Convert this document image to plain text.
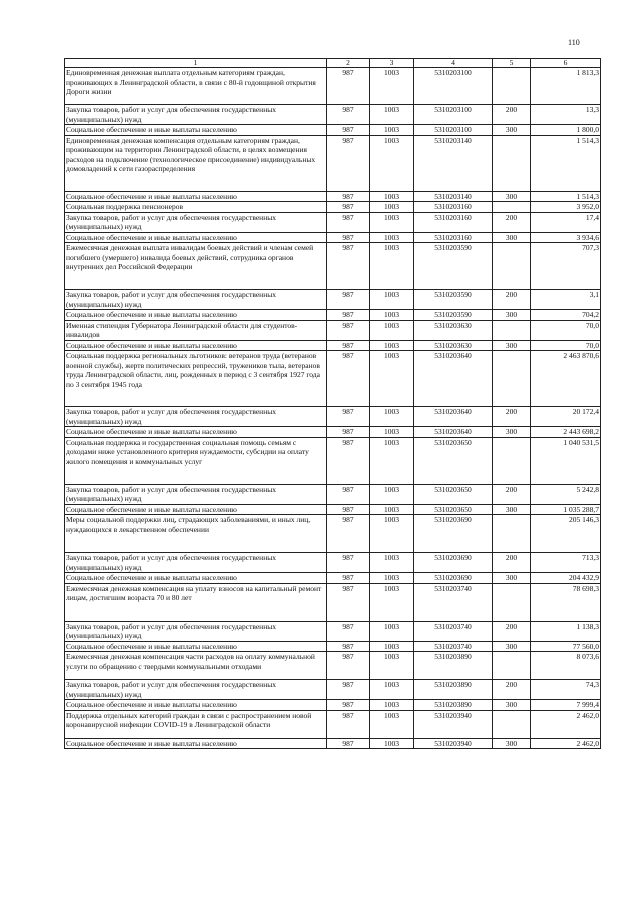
110
1	2	3	4	5	6
Единовременная денежная выплата отдельным категориям граждан, проживающих в Ленинградской области, в связи с 80-й годовщиной открытия Дороги жизни	987	1003	5310203100		1 813,3
Закупка товаров, работ и услуг для обеспечения государственных (муниципальных) нужд	987	1003	5310203100	200	13,3
Социальное обеспечение и иные выплаты населению	987	1003	5310203100	300	1 800,0
Единовременная денежная компенсация отдельным категориям граждан, проживающим на территории Ленинградской области, в целях возмещения расходов на подключение (технологическое присоединение) индивидуальных домовладений к сети газораспределения	987	1003	5310203140		1 514,3
Социальное обеспечение и иные выплаты населению	987	1003	5310203140	300	1 514,3
Социальная поддержка пенсионеров	987	1003	5310203160		3 952,0
Закупка товаров, работ и услуг для обеспечения государственных (муниципальных) нужд	987	1003	5310203160	200	17,4
Социальное обеспечение и иные выплаты населению	987	1003	5310203160	300	3 934,6
Ежемесячная денежная выплата инвалидам боевых действий и членам семей погибшего (умершего) инвалида боевых действий, сотрудника органов внутренних дел Российской Федерации	987	1003	5310203590		707,3
Закупка товаров, работ и услуг для обеспечения государственных (муниципальных) нужд	987	1003	5310203590	200	3,1
Социальное обеспечение и иные выплаты населению	987	1003	5310203590	300	704,2
Именная стипендия Губернатора Ленинградской области для студентов-инвалидов	987	1003	5310203630		70,0
Социальное обеспечение и иные выплаты населению	987	1003	5310203630	300	70,0
Социальная поддержка региональных льготников: ветеранов труда (ветеранов военной службы), жертв политических репрессий, тружеников тыла, ветеранов труда Ленинградской области, лиц, рожденных в период с 3 сентября 1927 года по 3 сентября 1945 года	987	1003	5310203640		2 463 870,6
Закупка товаров, работ и услуг для обеспечения государственных (муниципальных) нужд	987	1003	5310203640	200	20 172,4
Социальное обеспечение и иные выплаты населению	987	1003	5310203640	300	2 443 698,2
Социальная поддержка и государственная социальная помощь семьям с доходами ниже установленного критерия нуждаемости, субсидии на оплату жилого помещения и коммунальных услуг	987	1003	5310203650		1 040 531,5
Закупка товаров, работ и услуг для обеспечения государственных (муниципальных) нужд	987	1003	5310203650	200	5 242,8
Социальное обеспечение и иные выплаты населению	987	1003	5310203650	300	1 035 288,7
Меры социальной поддержки лиц, страдающих заболеваниями, и иных лиц, нуждающихся в лекарственном обеспечении	987	1003	5310203690		205 146,3
Закупка товаров, работ и услуг для обеспечения государственных (муниципальных) нужд	987	1003	5310203690	200	713,3
Социальное обеспечение и иные выплаты населению	987	1003	5310203690	300	204 432,9
Ежемесячная денежная компенсация на уплату взносов на капитальный ремонт лицам, достигшим возраста 70 и 80 лет	987	1003	5310203740		78 698,3
Закупка товаров, работ и услуг для обеспечения государственных (муниципальных) нужд	987	1003	5310203740	200	1 138,3
Социальное обеспечение и иные выплаты населению	987	1003	5310203740	300	77 560,0
Ежемесячная денежная компенсация части расходов на оплату коммунальной услуги по обращению с твердыми коммунальными отходами	987	1003	5310203890		8 073,6
Закупка товаров, работ и услуг для обеспечения государственных (муниципальных) нужд	987	1003	5310203890	200	74,3
Социальное обеспечение и иные выплаты населению	987	1003	5310203890	300	7 999,4
Поддержка отдельных категорий граждан в связи с распространением новой коронавирусной инфекции COVID-19 в Ленинградской области	987	1003	5310203940		2 462,0
Социальное обеспечение и иные выплаты населению	987	1003	5310203940	300	2 462,0
